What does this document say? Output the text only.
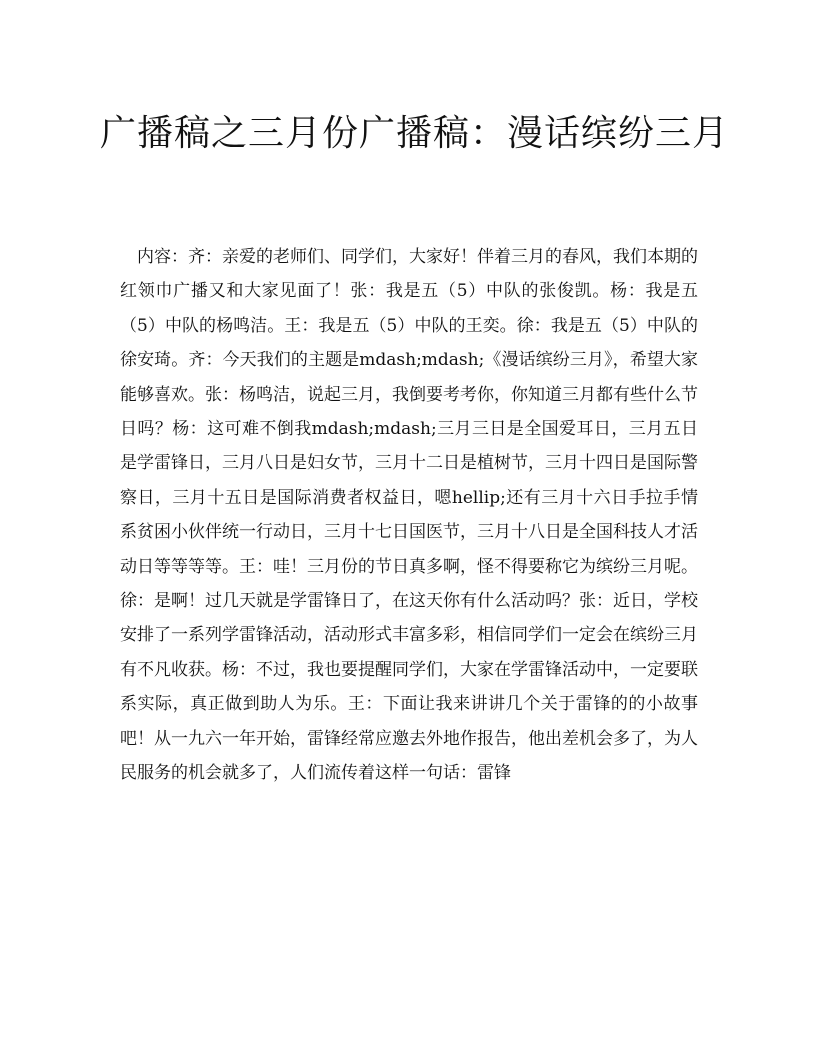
广播稿之三月份广播稿：漫话缤纷三月

内容：齐：亲爱的老师们、同学们，大家好！伴着三月的春风，我们本期的红领巾广播又和大家见面了！张：我是五（5）中队的张俊凯。杨：我是五（5）中队的杨鸣洁。王：我是五（5）中队的王奕。徐：我是五（5）中队的徐安琦。齐：今天我们的主题是mdash;mdash;《漫话缤纷三月》，希望大家能够喜欢。张：杨鸣洁，说起三月，我倒要考考你，你知道三月都有些什么节日吗？杨：这可难不倒我mdash;mdash;三月三日是全国爱耳日，三月五日是学雷锋日，三月八日是妇女节，三月十二日是植树节，三月十四日是国际警察日，三月十五日是国际消费者权益日，嗯hellip;还有三月十六日手拉手情系贫困小伙伴统一行动日，三月十七日国医节，三月十八日是全国科技人才活动日等等等等。王：哇！三月份的节日真多啊，怪不得要称它为缤纷三月呢。徐：是啊！过几天就是学雷锋日了，在这天你有什么活动吗？张：近日，学校安排了一系列学雷锋活动，活动形式丰富多彩，相信同学们一定会在缤纷三月有不凡收获。杨：不过，我也要提醒同学们，大家在学雷锋活动中，一定要联系实际，真正做到助人为乐。王：下面让我来讲讲几个关于雷锋的的小故事吧！从一九六一年开始，雷锋经常应邀去外地作报告，他出差机会多了，为人民服务的机会就多了，人们流传着这样一句话：雷锋
